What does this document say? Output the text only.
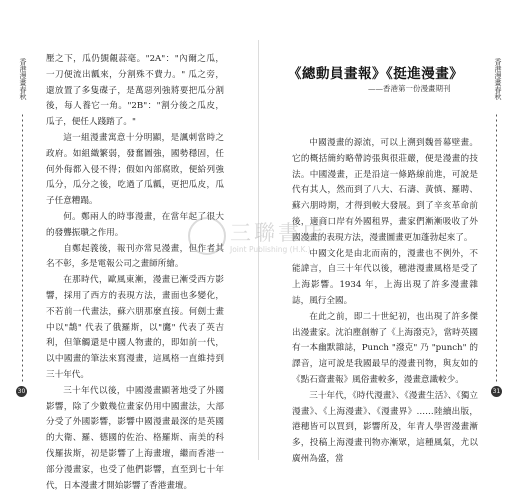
香港漫畫春秋
30

壓之下，瓜仍覬覦蒜毫。"2A"："內爾之瓜，一刀便流出瓤來，分割殊不費力。" 瓜之旁，還放置了多隻碟子，是萬惡列強將要把瓜分割後，每人養它一角。"2B"："割分後之瓜皮，瓜子，便任人踐踏了。"

這一組漫畫寓意十分明顯，是諷刺當時之政府。如組織繁弱，發奮圖強，國勢穩固，任何外侮都入侵不得；假如內部腐敗，便給列強瓜分，瓜分之後，吃過了瓜瓤，更把瓜皮，瓜子任意糟蹋。

何。鄭兩人的時事漫畫，在當年起了很大的發聾振聵之作用。

自鄭起義後，報刊亦常見漫畫，但作者其名不彰，多是電報公司之畫師所繪。

在那時代，歐風東漸，漫畫已漸受西方影響，採用了西方的表現方法，畫面也多變化，不若前一代畫法，蘇六朋那麼直接。何劍士畫中以"鵲" 代表了俄羅斯，以"鷹" 代表了英吉利，但筆觸還是中國人物畫的，即如前一代，以中國畫的筆法來寫漫畫，這風格一直維持到三十年代。

三十年代以後，中國漫畫顯著地受了外國影響，除了少數幾位畫家仍用中國畫法，大部分受了外國影響，影響中國漫畫最深的是英國的大衛、羅、德國的佐治、格羅斯、南美的科伐羅拔斯，初是影響了上海畫壇，繼而香港一部分漫畫家，也受了他們影響，直至到七十年代，日本漫畫才開始影響了香港畫壇。

香港漫畫春秋
31
《總動員畫報》《挺進漫畫》
——香港第一份漫畫期刊

中國漫畫的源流，可以上溯到魏晉幕壁畫。它的概括簡約略帶誇張與很莊嚴，便是漫畫的技法。中國漫畫，正是沿這一條路線前進，可說是代有其人，然而到了八大、石濤、黃慎、羅聘、蘇六朋時期，才得到較大發展。到了辛亥革命前後，適商口岸有外國租界，畫家們漸漸吸收了外國漫畫的表現方法，漫畫圖畫更加蓬勃起來了。

中國文化是由北而南的，漫畫也不例外，不能諱言，自三十年代以後，穗港漫畫風格是受了上海影響。1934 年，上海出現了許多漫畫雜誌，風行全國。

在此之前，即二十世紀初，也出現了許多傑出漫畫家。沈泊塵創辦了《上海潑克》，當時英國有一本幽默雜誌，Punch "潑克" 乃 "punch" 的譯音，這可說是我國最早的漫畫刊物，與友如的《點石齋畫報》風俗畫較多，漫畫意識較少。

三十年代，《時代漫畫》、《漫畫生活》、《獨立漫畫》、《上海漫畫》、《漫畫界》……陸續出版，港穗皆可以買到，影響所及，年青人學習漫畫漸多，投稿上海漫畫刊物亦漸眾，這種風氣，尤以廣州為盛，當

三聯書店
Joint Publishing (H.K.)
